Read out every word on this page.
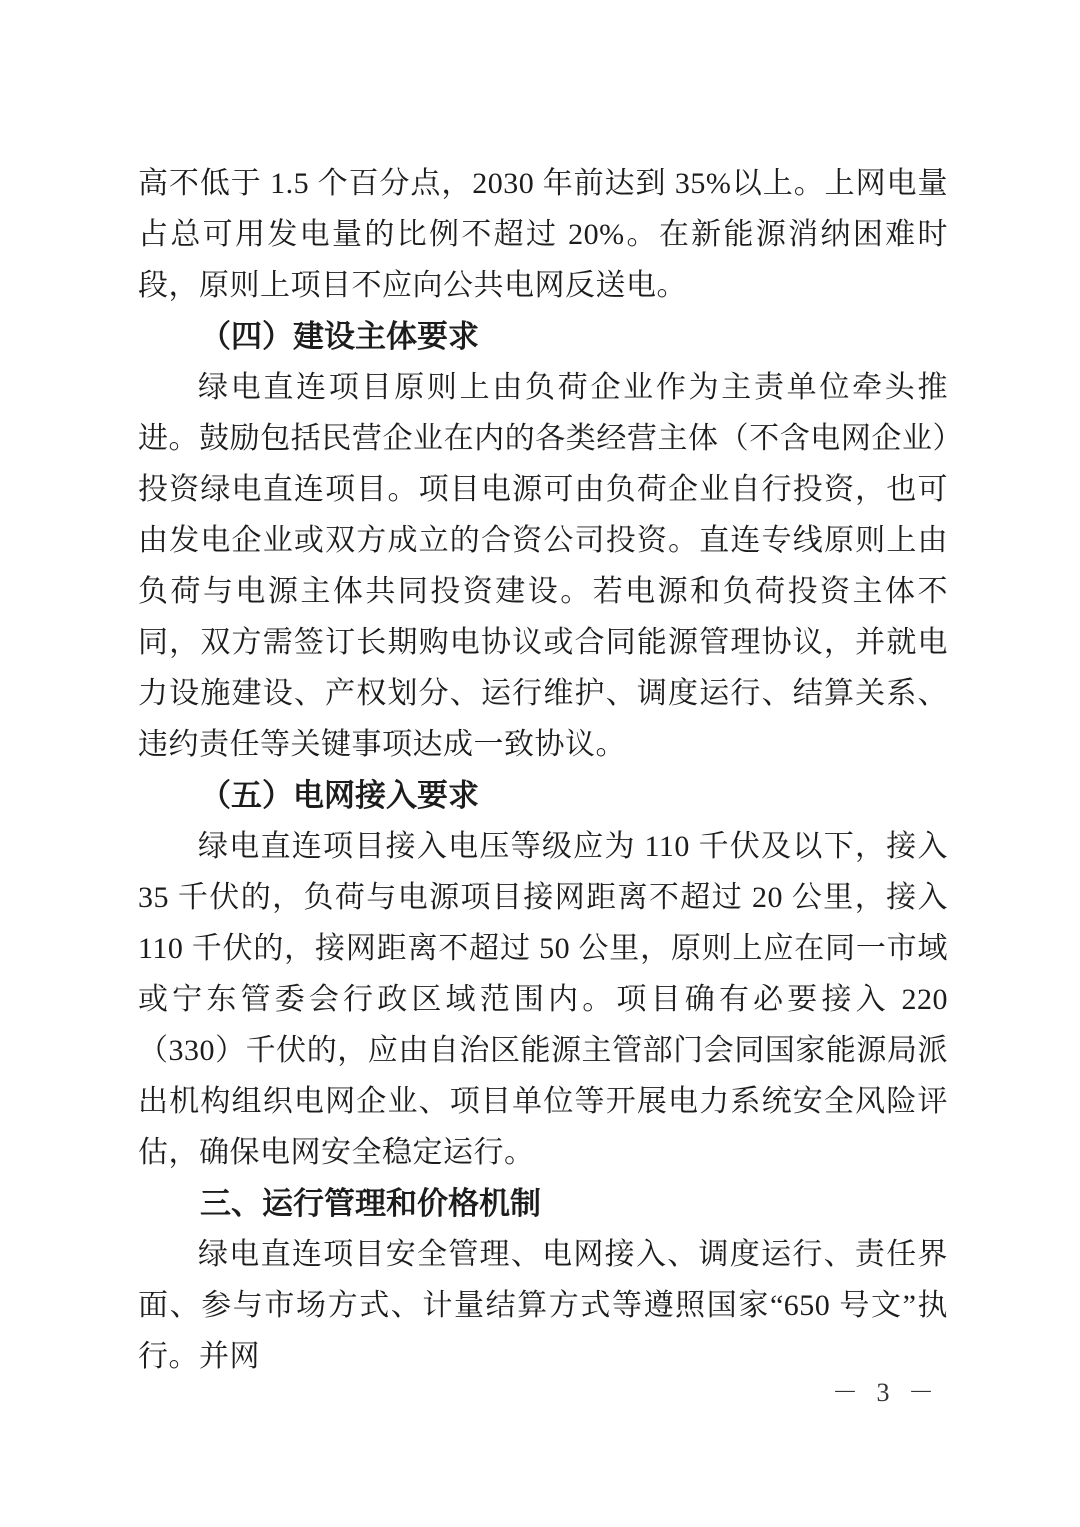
高不低于 1.5 个百分点，2030 年前达到 35%以上。上网电量占总可用发电量的比例不超过 20%。在新能源消纳困难时段，原则上项目不应向公共电网反送电。

（四）建设主体要求

绿电直连项目原则上由负荷企业作为主责单位牵头推进。鼓励包括民营企业在内的各类经营主体（不含电网企业）投资绿电直连项目。项目电源可由负荷企业自行投资，也可由发电企业或双方成立的合资公司投资。直连专线原则上由负荷与电源主体共同投资建设。若电源和负荷投资主体不同，双方需签订长期购电协议或合同能源管理协议，并就电力设施建设、产权划分、运行维护、调度运行、结算关系、违约责任等关键事项达成一致协议。

（五）电网接入要求

绿电直连项目接入电压等级应为 110 千伏及以下，接入 35 千伏的，负荷与电源项目接网距离不超过 20 公里，接入 110 千伏的，接网距离不超过 50 公里，原则上应在同一市域或宁东管委会行政区域范围内。项目确有必要接入 220（330）千伏的，应由自治区能源主管部门会同国家能源局派出机构组织电网企业、项目单位等开展电力系统安全风险评估，确保电网安全稳定运行。

三、运行管理和价格机制

绿电直连项目安全管理、电网接入、调度运行、责任界面、参与市场方式、计量结算方式等遵照国家“650 号文”执行。并网

－ 3 －
